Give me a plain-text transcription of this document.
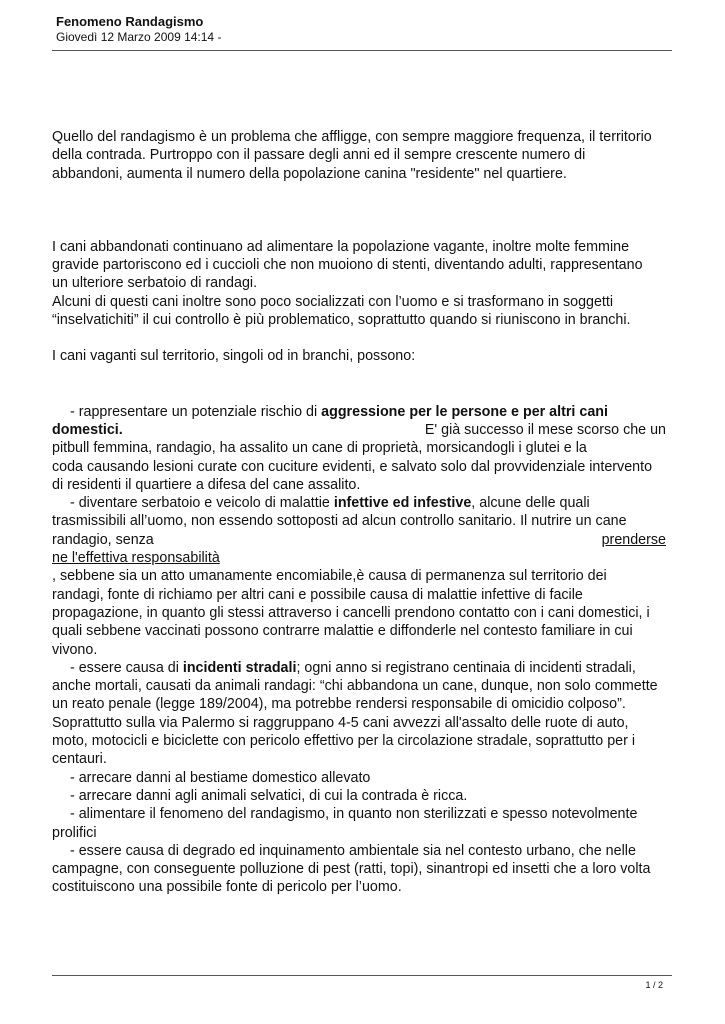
Fenomeno Randagismo
Giovedì 12 Marzo 2009 14:14 -

Quello del randagismo è un problema che affligge, con sempre maggiore frequenza, il territorio
della contrada. Purtroppo con il passare degli anni ed il sempre crescente numero di
abbandoni, aumenta il numero della popolazione canina "residente" nel quartiere.

I cani abbandonati continuano ad alimentare la popolazione vagante, inoltre molte femmine
gravide partoriscono ed i cuccioli che non muoiono di stenti, diventando adulti, rappresentano
un ulteriore serbatoio di randagi.
Alcuni di questi cani inoltre sono poco socializzati con l’uomo e si trasformano in soggetti
“inselvatichiti” il cui controllo è più problematico, soprattutto quando si riuniscono in branchi.

I cani vaganti sul territorio, singoli od in branchi, possono:

- rappresentare un potenziale rischio di aggressione per le persone e per altri cani
domestici.	E' già successo il mese scorso che un
pitbull femmina, randagio, ha assalito un cane di proprietà, morsicandogli i glutei e la
coda causando lesioni curate con cuciture evidenti, e salvato solo dal provvidenziale intervento
di residenti il quartiere a difesa del cane assalito.
- diventare serbatoio e veicolo di malattie infettive ed infestive, alcune delle quali
trasmissibili all’uomo, non essendo sottoposti ad alcun controllo sanitario. Il nutrire un cane
randagio, senza	prenderse
ne l'effettiva responsabilità
, sebbene sia un atto umanamente encomiabile,è causa di permanenza sul territorio dei
randagi, fonte di richiamo per altri cani e possibile causa di malattie infettive di facile
propagazione, in quanto gli stessi attraverso i cancelli prendono contatto con i cani domestici, i
quali sebbene vaccinati possono contrarre malattie e diffonderle nel contesto familiare in cui
vivono.
- essere causa di incidenti stradali; ogni anno si registrano centinaia di incidenti stradali,
anche mortali, causati da animali randagi: “chi abbandona un cane, dunque, non solo commette
un reato penale (legge 189/2004), ma potrebbe rendersi responsabile di omicidio colposo”.
Soprattutto sulla via Palermo si raggruppano 4-5 cani avvezzi all'assalto delle ruote di auto,
moto, motocicli e biciclette con pericolo effettivo per la circolazione stradale, soprattutto per i
centauri.
- arrecare danni al bestiame domestico allevato
- arrecare danni agli animali selvatici, di cui la contrada è ricca.
- alimentare il fenomeno del randagismo, in quanto non sterilizzati e spesso notevolmente
prolifici
- essere causa di degrado ed inquinamento ambientale sia nel contesto urbano, che nelle
campagne, con conseguente polluzione di pest (ratti, topi), sinantropi ed insetti che a loro volta
costituiscono una possibile fonte di pericolo per l’uomo.
1 / 2
